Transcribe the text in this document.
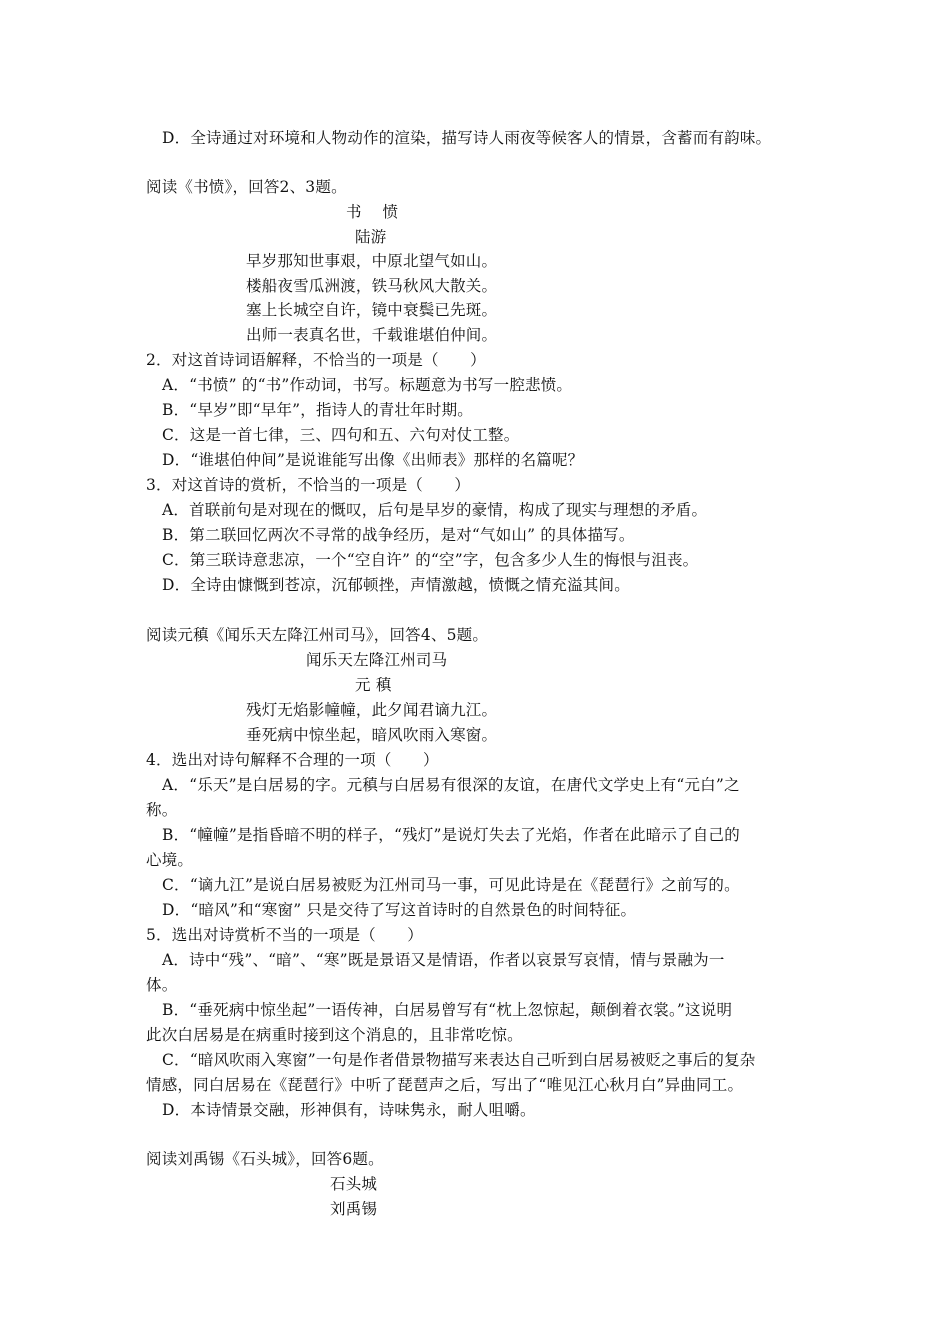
D．全诗通过对环境和人物动作的渲染，描写诗人雨夜等候客人的情景，含蓄而有韵味。
阅读《书愤》，回答2、3题。
书　 愤
陆游
早岁那知世事艰，中原北望气如山。
楼船夜雪瓜洲渡，铁马秋风大散关。
塞上长城空自许，镜中衰鬓已先斑。
出师一表真名世，千载谁堪伯仲间。
2．对这首诗词语解释，不恰当的一项是（　　）
A．“书愤” 的“书”作动词，书写。标题意为书写一腔悲愤。
B．“早岁”即“早年”，指诗人的青壮年时期。
C．这是一首七律，三、四句和五、六句对仗工整。
D．“谁堪伯仲间”是说谁能写出像《出师表》那样的名篇呢？
3．对这首诗的赏析，不恰当的一项是（　　）
A．首联前句是对现在的慨叹，后句是早岁的豪情，构成了现实与理想的矛盾。
B．第二联回忆两次不寻常的战争经历，是对“气如山” 的具体描写。
C．第三联诗意悲凉，一个“空自许” 的“空”字，包含多少人生的悔恨与沮丧。
D．全诗由慷慨到苍凉，沉郁顿挫，声情激越，愤慨之情充溢其间。
阅读元稹《闻乐天左降江州司马》，回答4、5题。
闻乐天左降江州司马
元 稹
残灯无焰影幢幢，此夕闻君谪九江。
垂死病中惊坐起，暗风吹雨入寒窗。
4．选出对诗句解释不合理的一项（　　）
A．“乐天”是白居易的字。元稹与白居易有很深的友谊，在唐代文学史上有“元白”之
称。
B．“幢幢”是指昏暗不明的样子，“残灯”是说灯失去了光焰，作者在此暗示了自己的
心境。
C．“谪九江”是说白居易被贬为江州司马一事，可见此诗是在《琵琶行》之前写的。
D．“暗风”和“寒窗” 只是交待了写这首诗时的自然景色的时间特征。
5．选出对诗赏析不当的一项是（　　）
A．诗中“残”、“暗”、“寒”既是景语又是情语，作者以哀景写哀情，情与景融为一
体。
B．“垂死病中惊坐起”一语传神，白居易曾写有“枕上忽惊起，颠倒着衣裳。”这说明
此次白居易是在病重时接到这个消息的，且非常吃惊。
C．“暗风吹雨入寒窗”一句是作者借景物描写来表达自己听到白居易被贬之事后的复杂
情感，同白居易在《琵琶行》中听了琵琶声之后，写出了“唯见江心秋月白”异曲同工。
D．本诗情景交融，形神俱有，诗味隽永，耐人咀嚼。
阅读刘禹锡《石头城》，回答6题。
石头城
刘禹锡
